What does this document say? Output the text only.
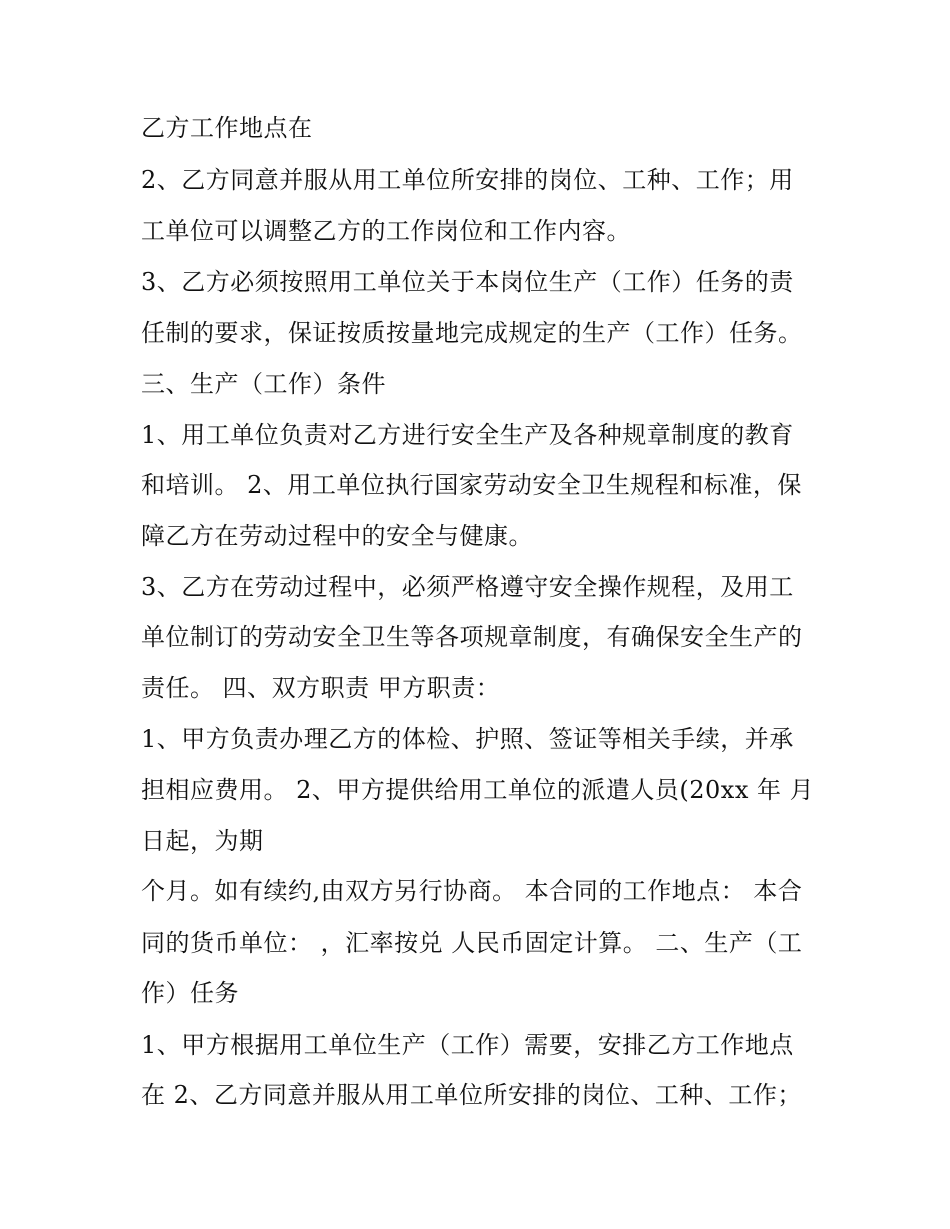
乙方工作地点在
2、乙方同意并服从用工单位所安排的岗位、工种、工作；用
工单位可以调整乙方的工作岗位和工作内容。
3、乙方必须按照用工单位关于本岗位生产（工作）任务的责
任制的要求，保证按质按量地完成规定的生产（工作）任务。
三、生产（工作）条件
1、用工单位负责对乙方进行安全生产及各种规章制度的教育
和培训。 2、用工单位执行国家劳动安全卫生规程和标准，保
障乙方在劳动过程中的安全与健康。
3、乙方在劳动过程中，必须严格遵守安全操作规程，及用工
单位制订的劳动安全卫生等各项规章制度，有确保安全生产的
责任。 四、双方职责 甲方职责：
1、甲方负责办理乙方的体检、护照、签证等相关手续，并承
担相应费用。 2、甲方提供给用工单位的派遣人员(20xx 年 月
日起，为期
个月。如有续约,由双方另行协商。 本合同的工作地点： 本合
同的货币单位： ，汇率按兑 人民币固定计算。 二、生产（工
作）任务
1、甲方根据用工单位生产（工作）需要，安排乙方工作地点
在 2、乙方同意并服从用工单位所安排的岗位、工种、工作；
